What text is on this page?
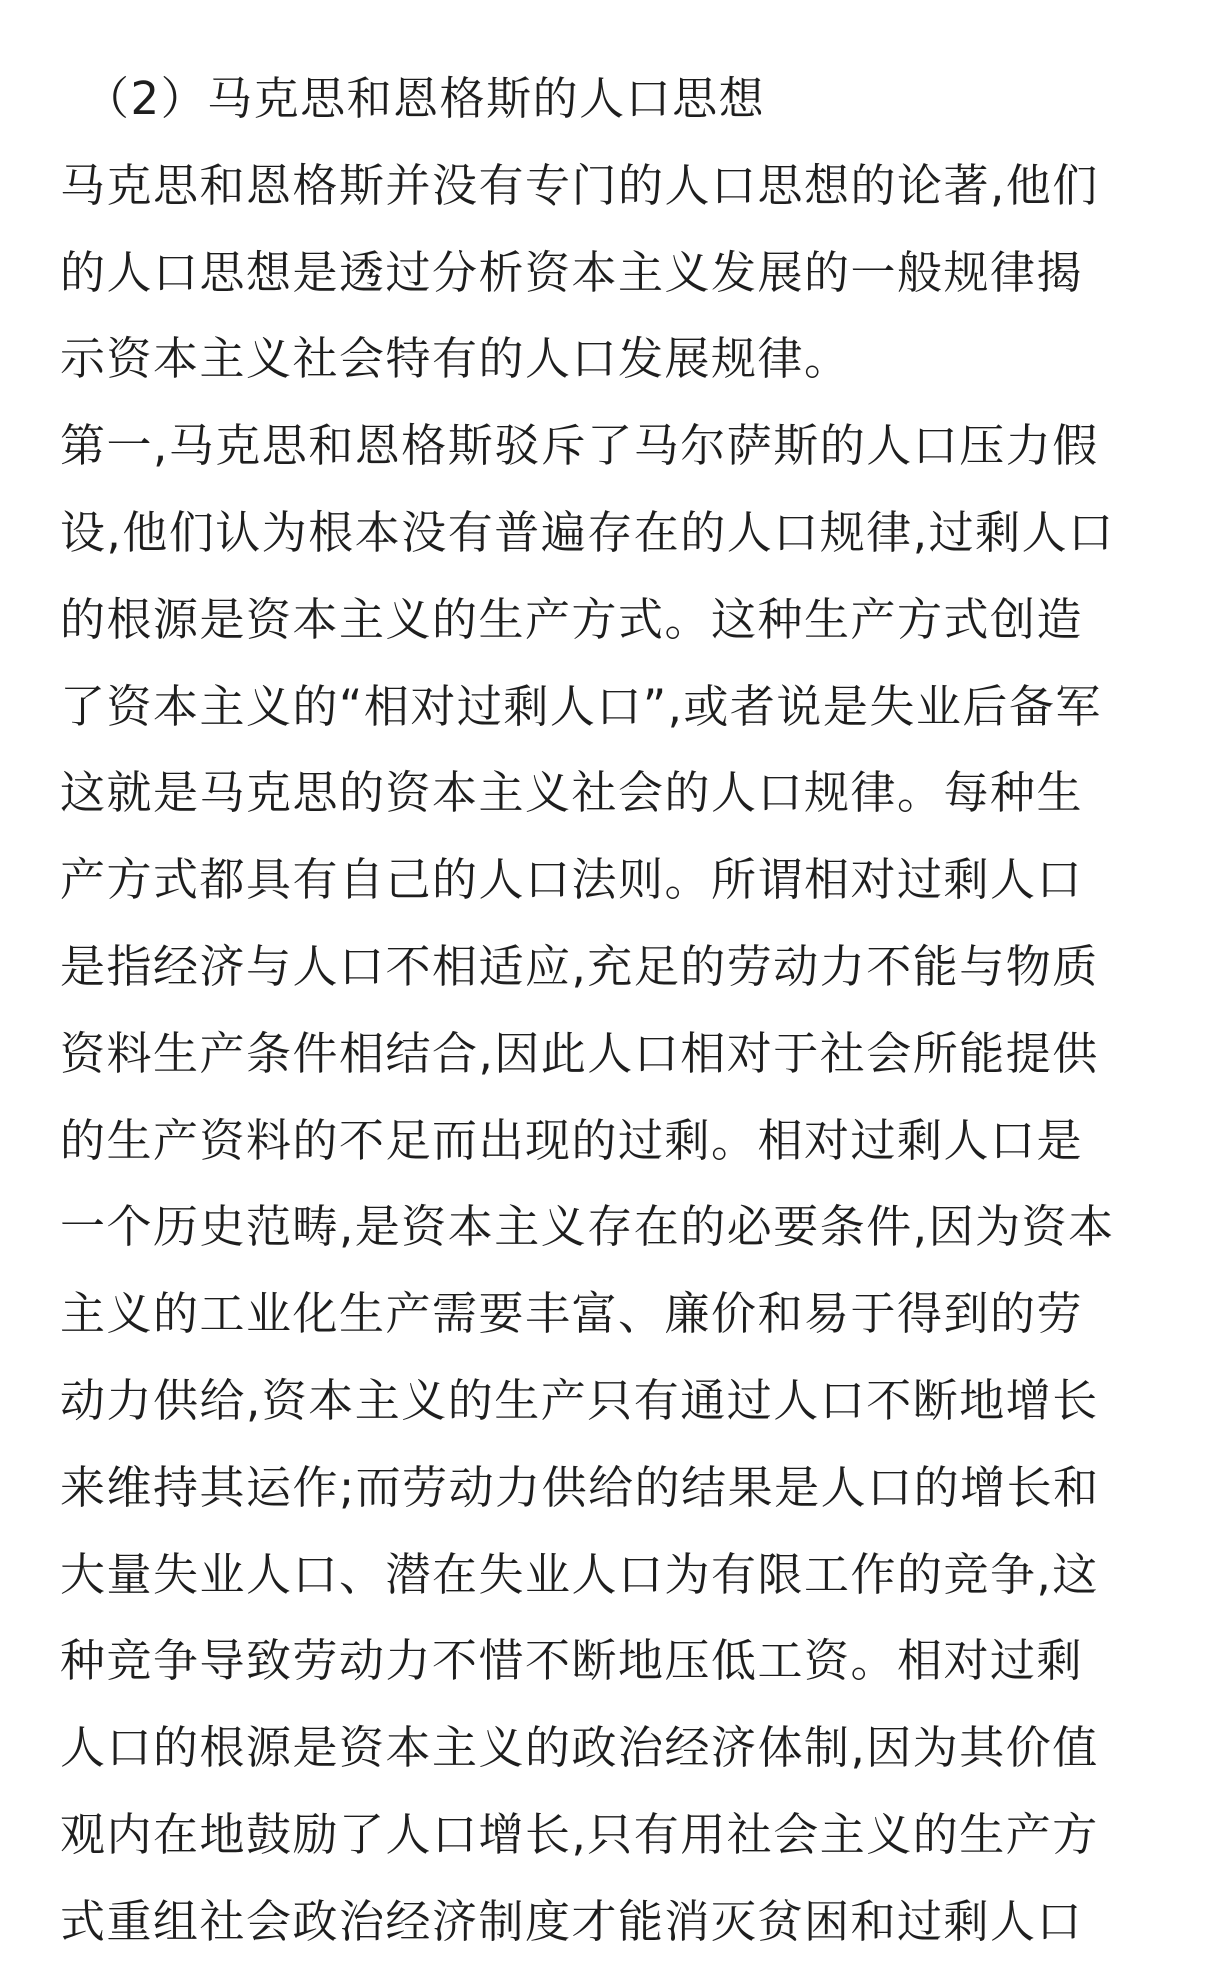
（2）马克思和恩格斯的人口思想
马克思和恩格斯并没有专门的人口思想的论著,他们
的人口思想是透过分析资本主义发展的一般规律揭
示资本主义社会特有的人口发展规律。
第一,马克思和恩格斯驳斥了马尔萨斯的人口压力假
设,他们认为根本没有普遍存在的人口规律,过剩人口
的根源是资本主义的生产方式。这种生产方式创造
了资本主义的“相对过剩人口”,或者说是失业后备军
这就是马克思的资本主义社会的人口规律。每种生
产方式都具有自己的人口法则。所谓相对过剩人口
是指经济与人口不相适应,充足的劳动力不能与物质
资料生产条件相结合,因此人口相对于社会所能提供
的生产资料的不足而出现的过剩。相对过剩人口是
一个历史范畴,是资本主义存在的必要条件,因为资本
主义的工业化生产需要丰富、廉价和易于得到的劳
动力供给,资本主义的生产只有通过人口不断地增长
来维持其运作;而劳动力供给的结果是人口的增长和
大量失业人口、潜在失业人口为有限工作的竞争,这
种竞争导致劳动力不惜不断地压低工资。相对过剩
人口的根源是资本主义的政治经济体制,因为其价值
观内在地鼓励了人口增长,只有用社会主义的生产方
式重组社会政治经济制度才能消灭贫困和过剩人口
